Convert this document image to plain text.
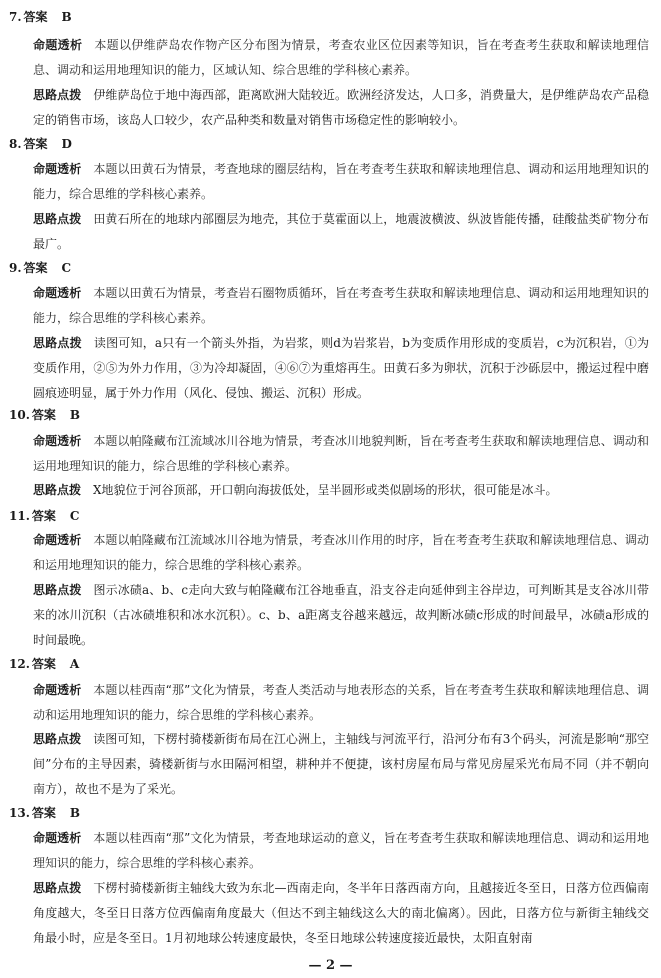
7. 答案 B
命题透析 本题以伊维萨岛农作物产区分布图为情景，考查农业区位因素等知识，旨在考查考生获取和解读地理信息、调动和运用地理知识的能力，区域认知、综合思维的学科核心素养。
思路点拨 伊维萨岛位于地中海西部，距离欧洲大陆较近。欧洲经济发达，人口多，消费量大，是伊维萨岛农产品稳定的销售市场，该岛人口较少，农产品种类和数量对销售市场稳定性的影响较小。
8. 答案 D
命题透析 本题以田黄石为情景，考查地球的圈层结构，旨在考查考生获取和解读地理信息、调动和运用地理知识的能力，综合思维的学科核心素养。
思路点拨 田黄石所在的地球内部圈层为地壳，其位于莫霍面以上，地震波横波、纵波皆能传播，硅酸盐类矿物分布最广。
9. 答案 C
命题透析 本题以田黄石为情景，考查岩石圈物质循环，旨在考查考生获取和解读地理信息、调动和运用地理知识的能力，综合思维的学科核心素养。
思路点拨 读图可知，a只有一个箭头外指，为岩浆，则d为岩浆岩，b为变质作用形成的变质岩，c为沉积岩，①为变质作用，②⑤为外力作用，③为冷却凝固，④⑥⑦为重熔再生。田黄石多为卵状，沉积于沙砾层中，搬运过程中磨圆痕迹明显，属于外力作用（风化、侵蚀、搬运、沉积）形成。
10. 答案 B
命题透析 本题以帕隆藏布江流域冰川谷地为情景，考查冰川地貌判断，旨在考查考生获取和解读地理信息、调动和运用地理知识的能力，综合思维的学科核心素养。
思路点拨 X地貌位于河谷顶部，开口朝向海拔低处，呈半圆形或类似剧场的形状，很可能是冰斗。
11. 答案 C
命题透析 本题以帕隆藏布江流域冰川谷地为情景，考查冰川作用的时序，旨在考查考生获取和解读地理信息、调动和运用地理知识的能力，综合思维的学科核心素养。
思路点拨 图示冰碛a、b、c走向大致与帕隆藏布江谷地垂直，沿支谷走向延伸到主谷岸边，可判断其是支谷冰川带来的冰川沉积（古冰碛堆积和冰水沉积）。c、b、a距离支谷越来越远，故判断冰碛c形成的时间最早，冰碛a形成的时间最晚。
12. 答案 A
命题透析 本题以桂西南“那”文化为情景，考查人类活动与地表形态的关系，旨在考查考生获取和解读地理信息、调动和运用地理知识的能力，综合思维的学科核心素养。
思路点拨 读图可知，下楞村骑楼新街布局在江心洲上，主轴线与河流平行，沿河分布有3个码头，河流是影响“那空间”分布的主导因素，骑楼新街与水田隔河相望，耕种并不便捷，该村房屋布局与常见房屋采光布局不同（并不朝向南方），故也不是为了采光。
13. 答案 B
命题透析 本题以桂西南“那”文化为情景，考查地球运动的意义，旨在考查考生获取和解读地理信息、调动和运用地理知识的能力，综合思维的学科核心素养。
思路点拨 下楞村骑楼新街主轴线大致为东北—西南走向，冬半年日落西南方向，且越接近冬至日，日落方位西偏南角度越大，冬至日日落方位西偏南角度最大（但达不到主轴线这么大的南北偏离）。因此，日落方位与新街主轴线交角最小时，应是冬至日。1月初地球公转速度最快，冬至日地球公转速度接近最快，太阳直射南
— 2 —
